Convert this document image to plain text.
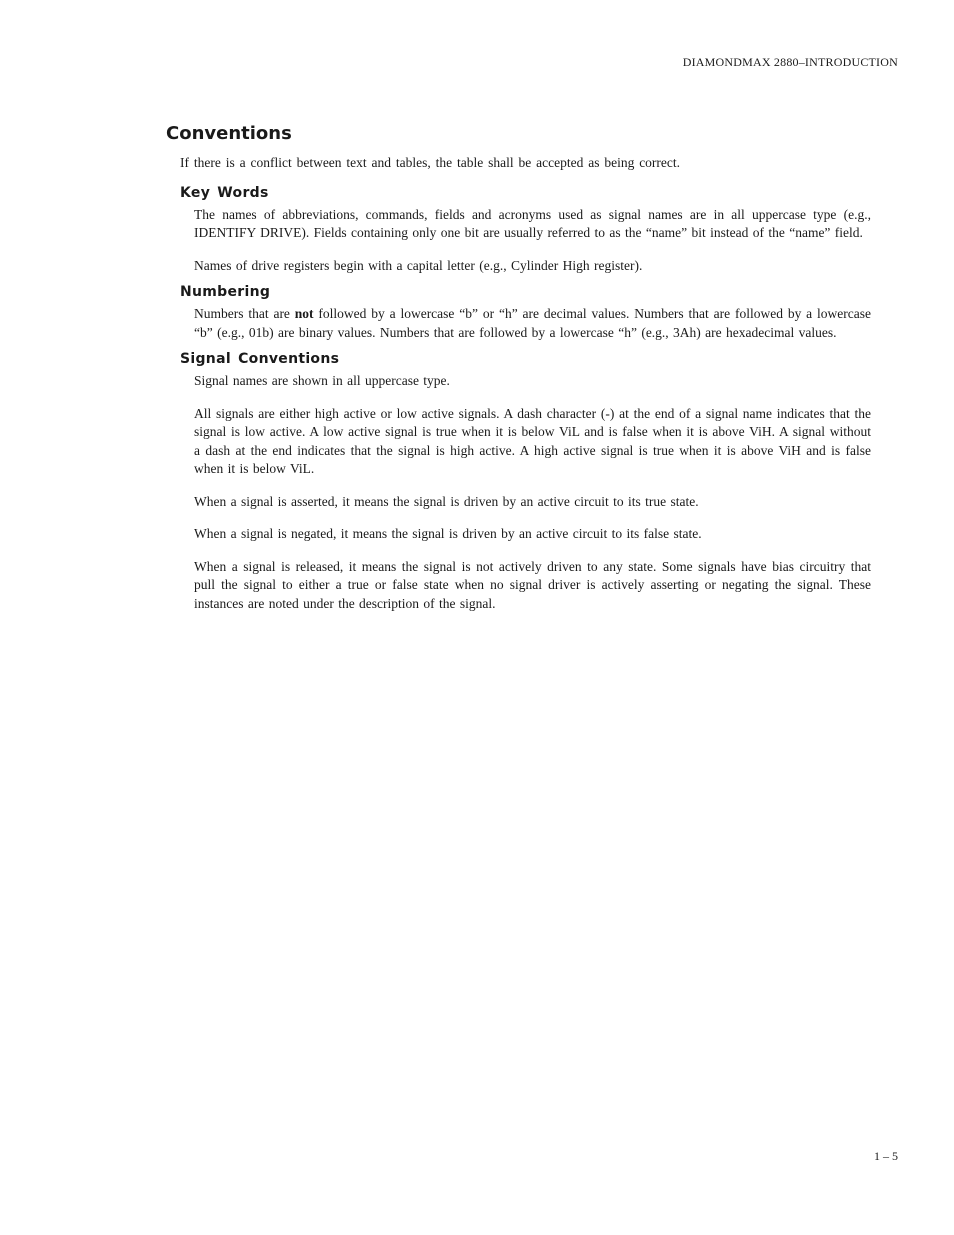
DIAMONDMAX 2880–INTRODUCTION
Conventions

If there is a conflict between text and tables, the table shall be accepted as being correct.

Key Words

The names of abbreviations, commands, fields and acronyms used as signal names are in all uppercase type (e.g., IDENTIFY DRIVE). Fields containing only one bit are usually referred to as the “name” bit instead of the “name” field.

Names of drive registers begin with a capital letter (e.g., Cylinder High register).

Numbering

Numbers that are not followed by a lowercase “b” or “h” are decimal values. Numbers that are followed by a lowercase “b” (e.g., 01b) are binary values. Numbers that are followed by a lowercase “h” (e.g., 3Ah) are hexadecimal values.

Signal Conventions

Signal names are shown in all uppercase type.

All signals are either high active or low active signals. A dash character (-) at the end of a signal name indicates that the signal is low active. A low active signal is true when it is below ViL and is false when it is above ViH. A signal without a dash at the end indicates that the signal is high active. A high active signal is true when it is above ViH and is false when it is below ViL.

When a signal is asserted, it means the signal is driven by an active circuit to its true state.

When a signal is negated, it means the signal is driven by an active circuit to its false state.

When a signal is released, it means the signal is not actively driven to any state. Some signals have bias circuitry that pull the signal to either a true or false state when no signal driver is actively asserting or negating the signal. These instances are noted under the description of the signal.

1 – 5
